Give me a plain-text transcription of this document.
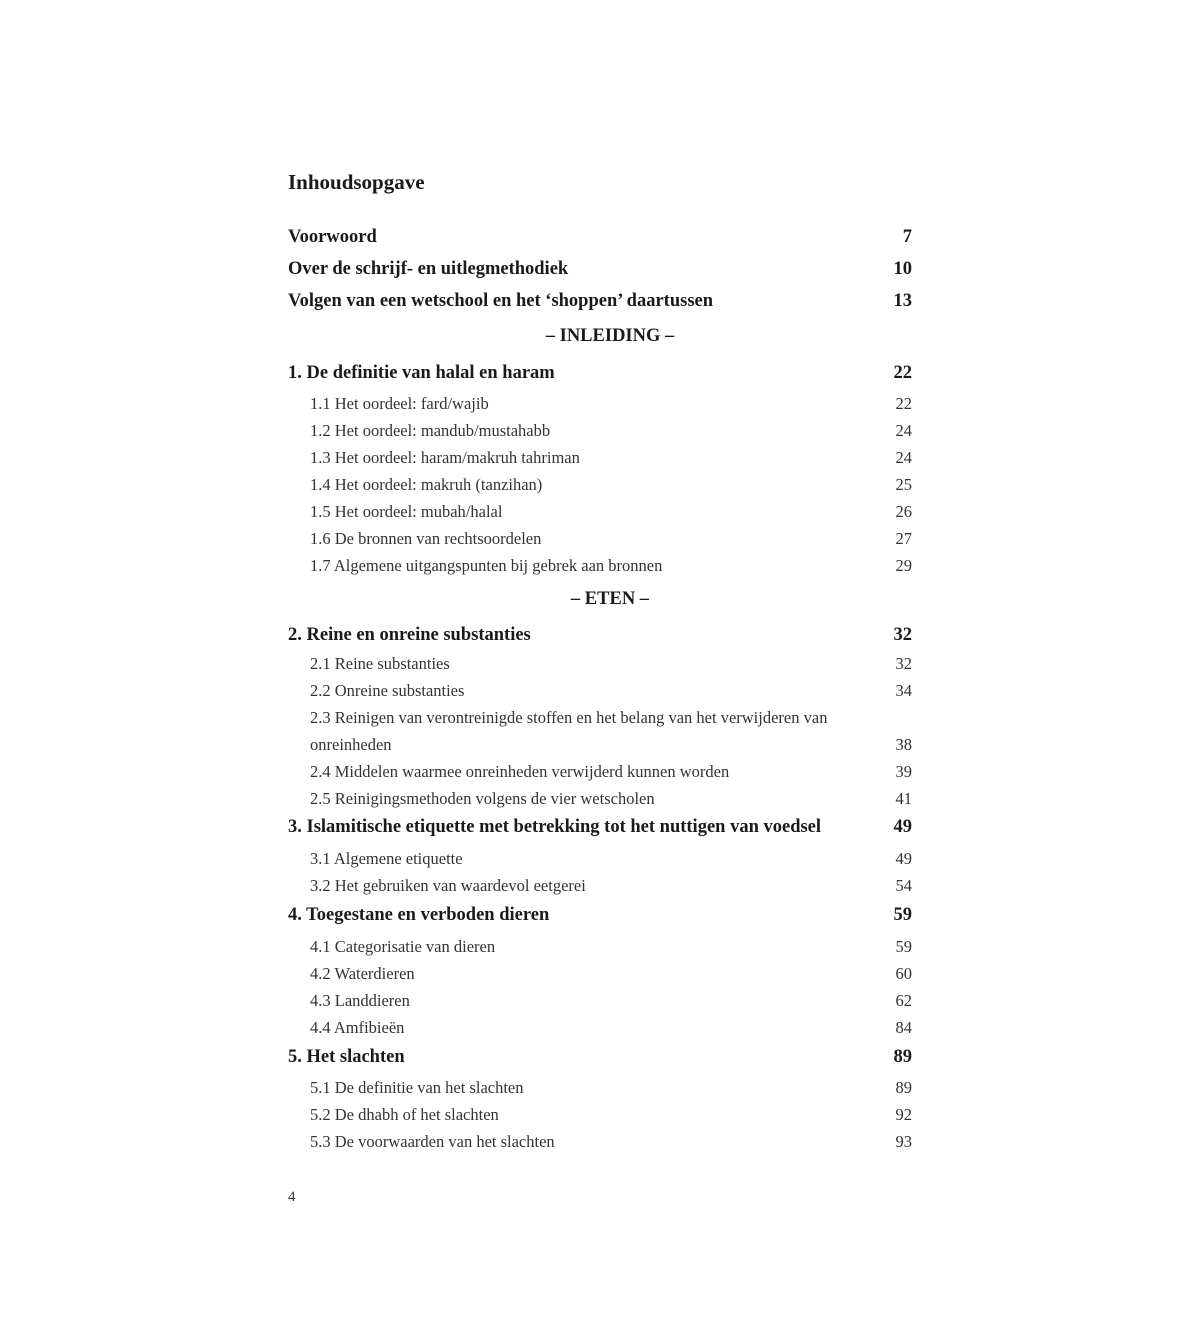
Inhoudsopgave
Voorwoord	7
Over de schrijf- en uitlegmethodiek	10
Volgen van een wetschool en het ‘shoppen’ daartussen	13
– INLEIDING –
1. De definitie van halal en haram	22
1.1 Het oordeel: fard/wajib	22
1.2 Het oordeel: mandub/mustahabb	24
1.3 Het oordeel: haram/makruh tahriman	24
1.4 Het oordeel: makruh (tanzihan)	25
1.5 Het oordeel: mubah/halal	26
1.6 De bronnen van rechtsoordelen	27
1.7 Algemene uitgangspunten bij gebrek aan bronnen	29
– ETEN –
2. Reine en onreine substanties	32
2.1 Reine substanties	32
2.2 Onreine substanties	34
2.3 Reinigen van verontreinigde stoffen en het belang van het verwijderen van
onreinheden	38
2.4 Middelen waarmee onreinheden verwijderd kunnen worden	39
2.5 Reinigingsmethoden volgens de vier wetscholen	41
3. Islamitische etiquette met betrekking tot het nuttigen van voedsel	49
3.1 Algemene etiquette	49
3.2 Het gebruiken van waardevol eetgerei	54
4. Toegestane en verboden dieren	59
4.1 Categorisatie van dieren	59
4.2 Waterdieren	60
4.3 Landdieren	62
4.4 Amfibieën	84
5. Het slachten	89
5.1 De definitie van het slachten	89
5.2 De dhabh of het slachten	92
5.3 De voorwaarden van het slachten	93
4
